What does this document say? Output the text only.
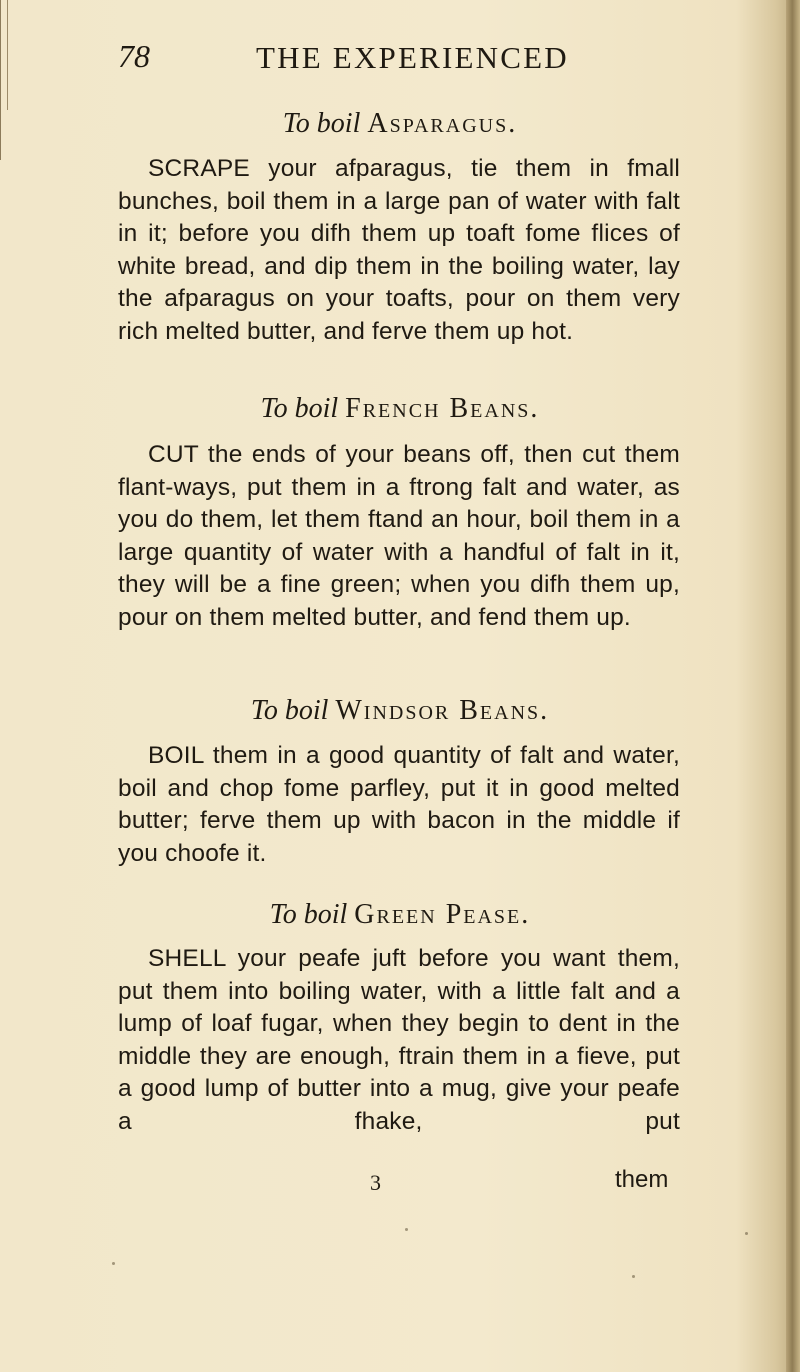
78	THE EXPERIENCED
To boil Asparagus.

SCRAPE your afparagus, tie them in fmall bunches, boil them in a large pan of water with falt in it; before you difh them up toaft fome flices of white bread, and dip them in the boiling water, lay the afparagus on your toafts, pour on them very rich melted butter, and ferve them up hot.

To boil French Beans.

CUT the ends of your beans off, then cut them flant-ways, put them in a ftrong falt and water, as you do them, let them ftand an hour, boil them in a large quantity of water with a handful of falt in it, they will be a fine green; when you difh them up, pour on them melted butter, and fend them up.

To boil Windsor Beans.

BOIL them in a good quantity of falt and water, boil and chop fome parfley, put it in good melted butter; ferve them up with bacon in the middle if you choofe it.

To boil Green Pease.

SHELL your peafe juft before you want them, put them into boiling water, with a little falt and a lump of loaf fugar, when they begin to dent in the middle they are enough, ftrain them in a fieve, put a good lump of butter into a mug, give your peafe a fhake, put

3	them
